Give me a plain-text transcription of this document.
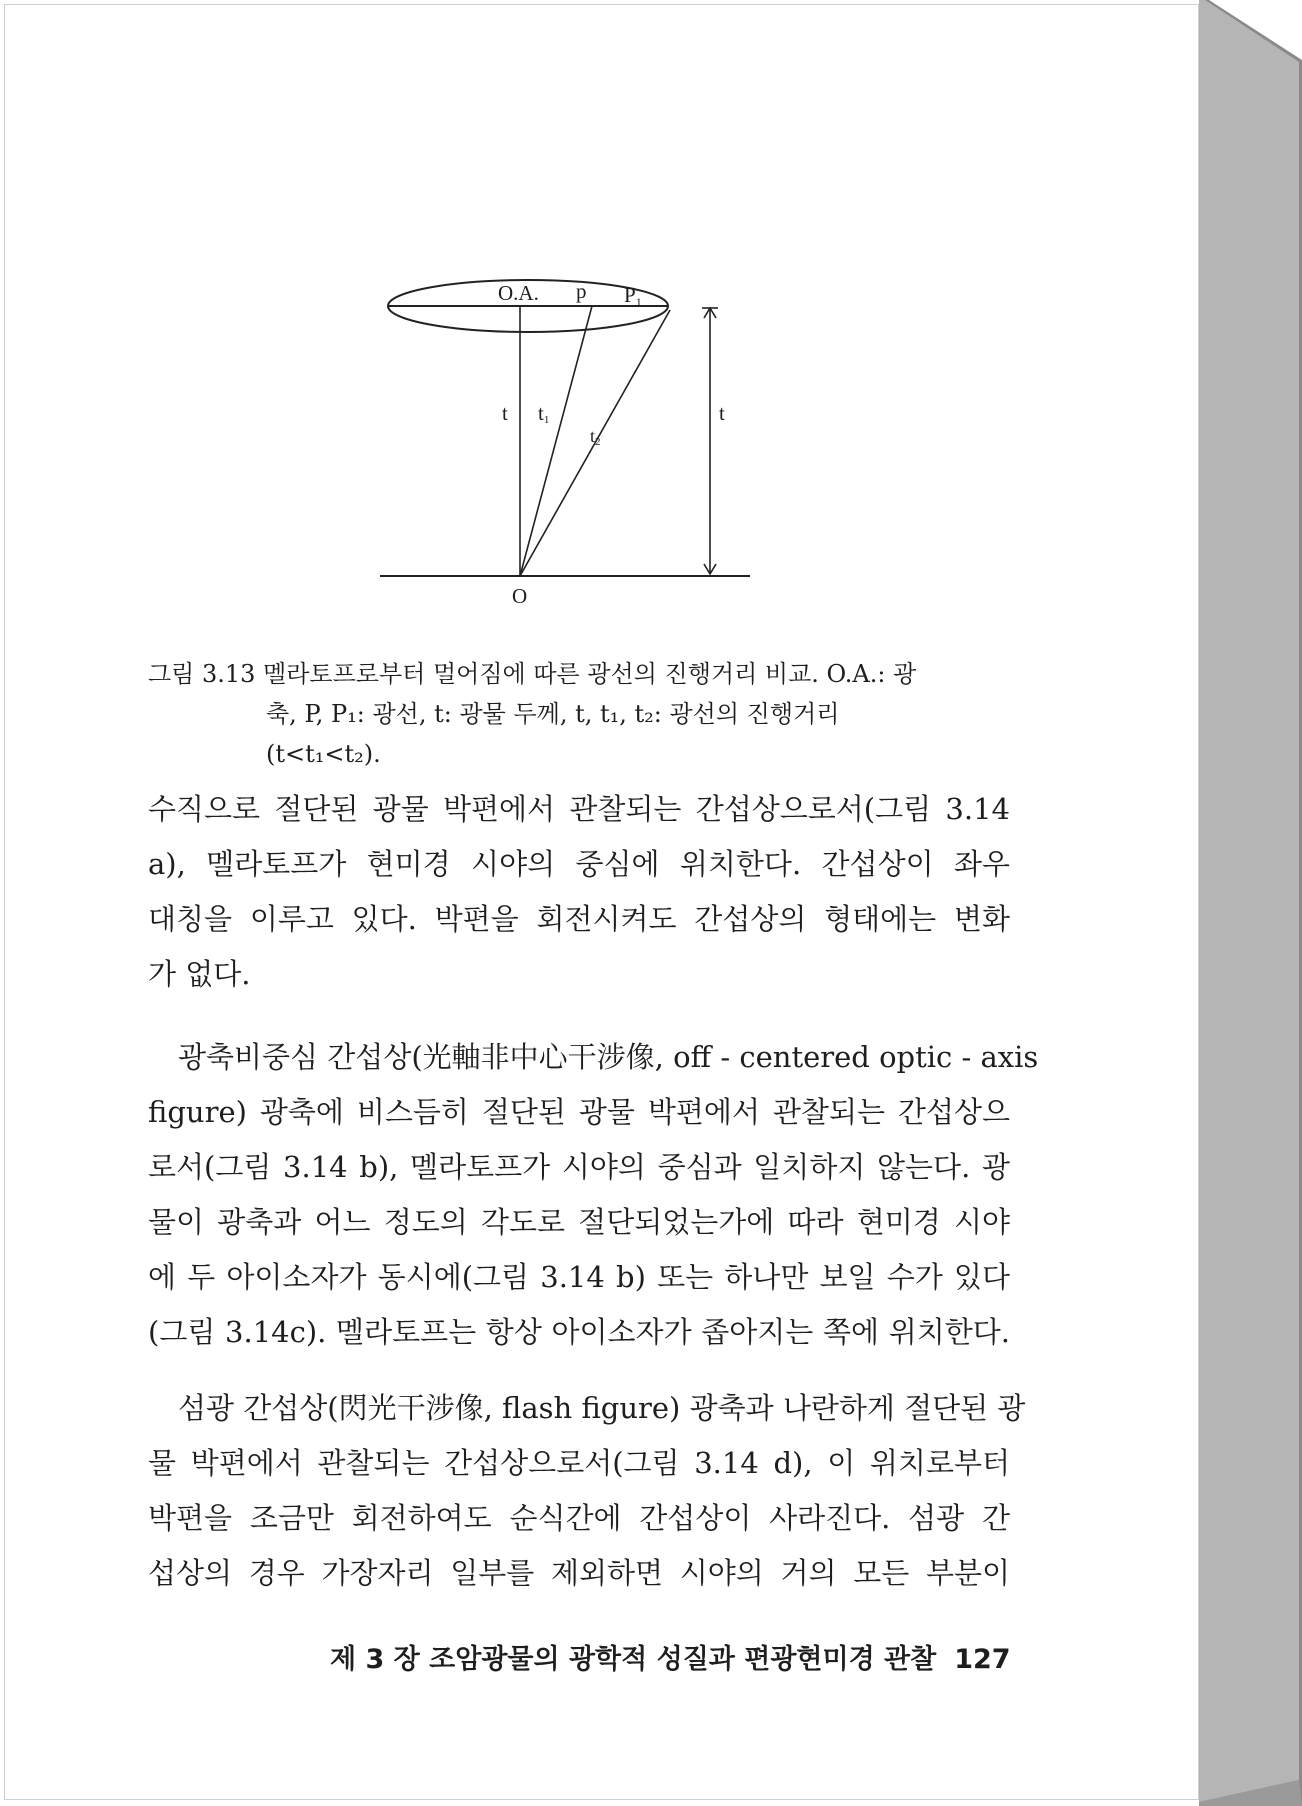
O.A. p P1
t t1
t2
t
O
그림 3.13 멜라토프로부터 멀어짐에 따른 광선의 진행거리 비교. O.A.: 광
축, P, P₁: 광선, t: 광물 두께, t, t₁, t₂: 광선의 진행거리
(t<t₁<t₂).
수직으로 절단된 광물 박편에서 관찰되는 간섭상으로서(그림 3.14
a), 멜라토프가 현미경 시야의 중심에 위치한다. 간섭상이 좌우
대칭을 이루고 있다. 박편을 회전시켜도 간섭상의 형태에는 변화
가 없다.
광축비중심 간섭상(光軸非中心干涉像, off - centered optic - axis
figure) 광축에 비스듬히 절단된 광물 박편에서 관찰되는 간섭상으
로서(그림 3.14 b), 멜라토프가 시야의 중심과 일치하지 않는다. 광
물이 광축과 어느 정도의 각도로 절단되었는가에 따라 현미경 시야
에 두 아이소자가 동시에(그림 3.14 b) 또는 하나만 보일 수가 있다
(그림 3.14c). 멜라토프는 항상 아이소자가 좁아지는 쪽에 위치한다.
섬광 간섭상(閃光干涉像, flash figure) 광축과 나란하게 절단된 광
물 박편에서 관찰되는 간섭상으로서(그림 3.14 d), 이 위치로부터
박편을 조금만 회전하여도 순식간에 간섭상이 사라진다. 섬광 간
섭상의 경우 가장자리 일부를 제외하면 시야의 거의 모든 부분이
제 3 장 조암광물의 광학적 성질과 편광현미경 관찰 127
